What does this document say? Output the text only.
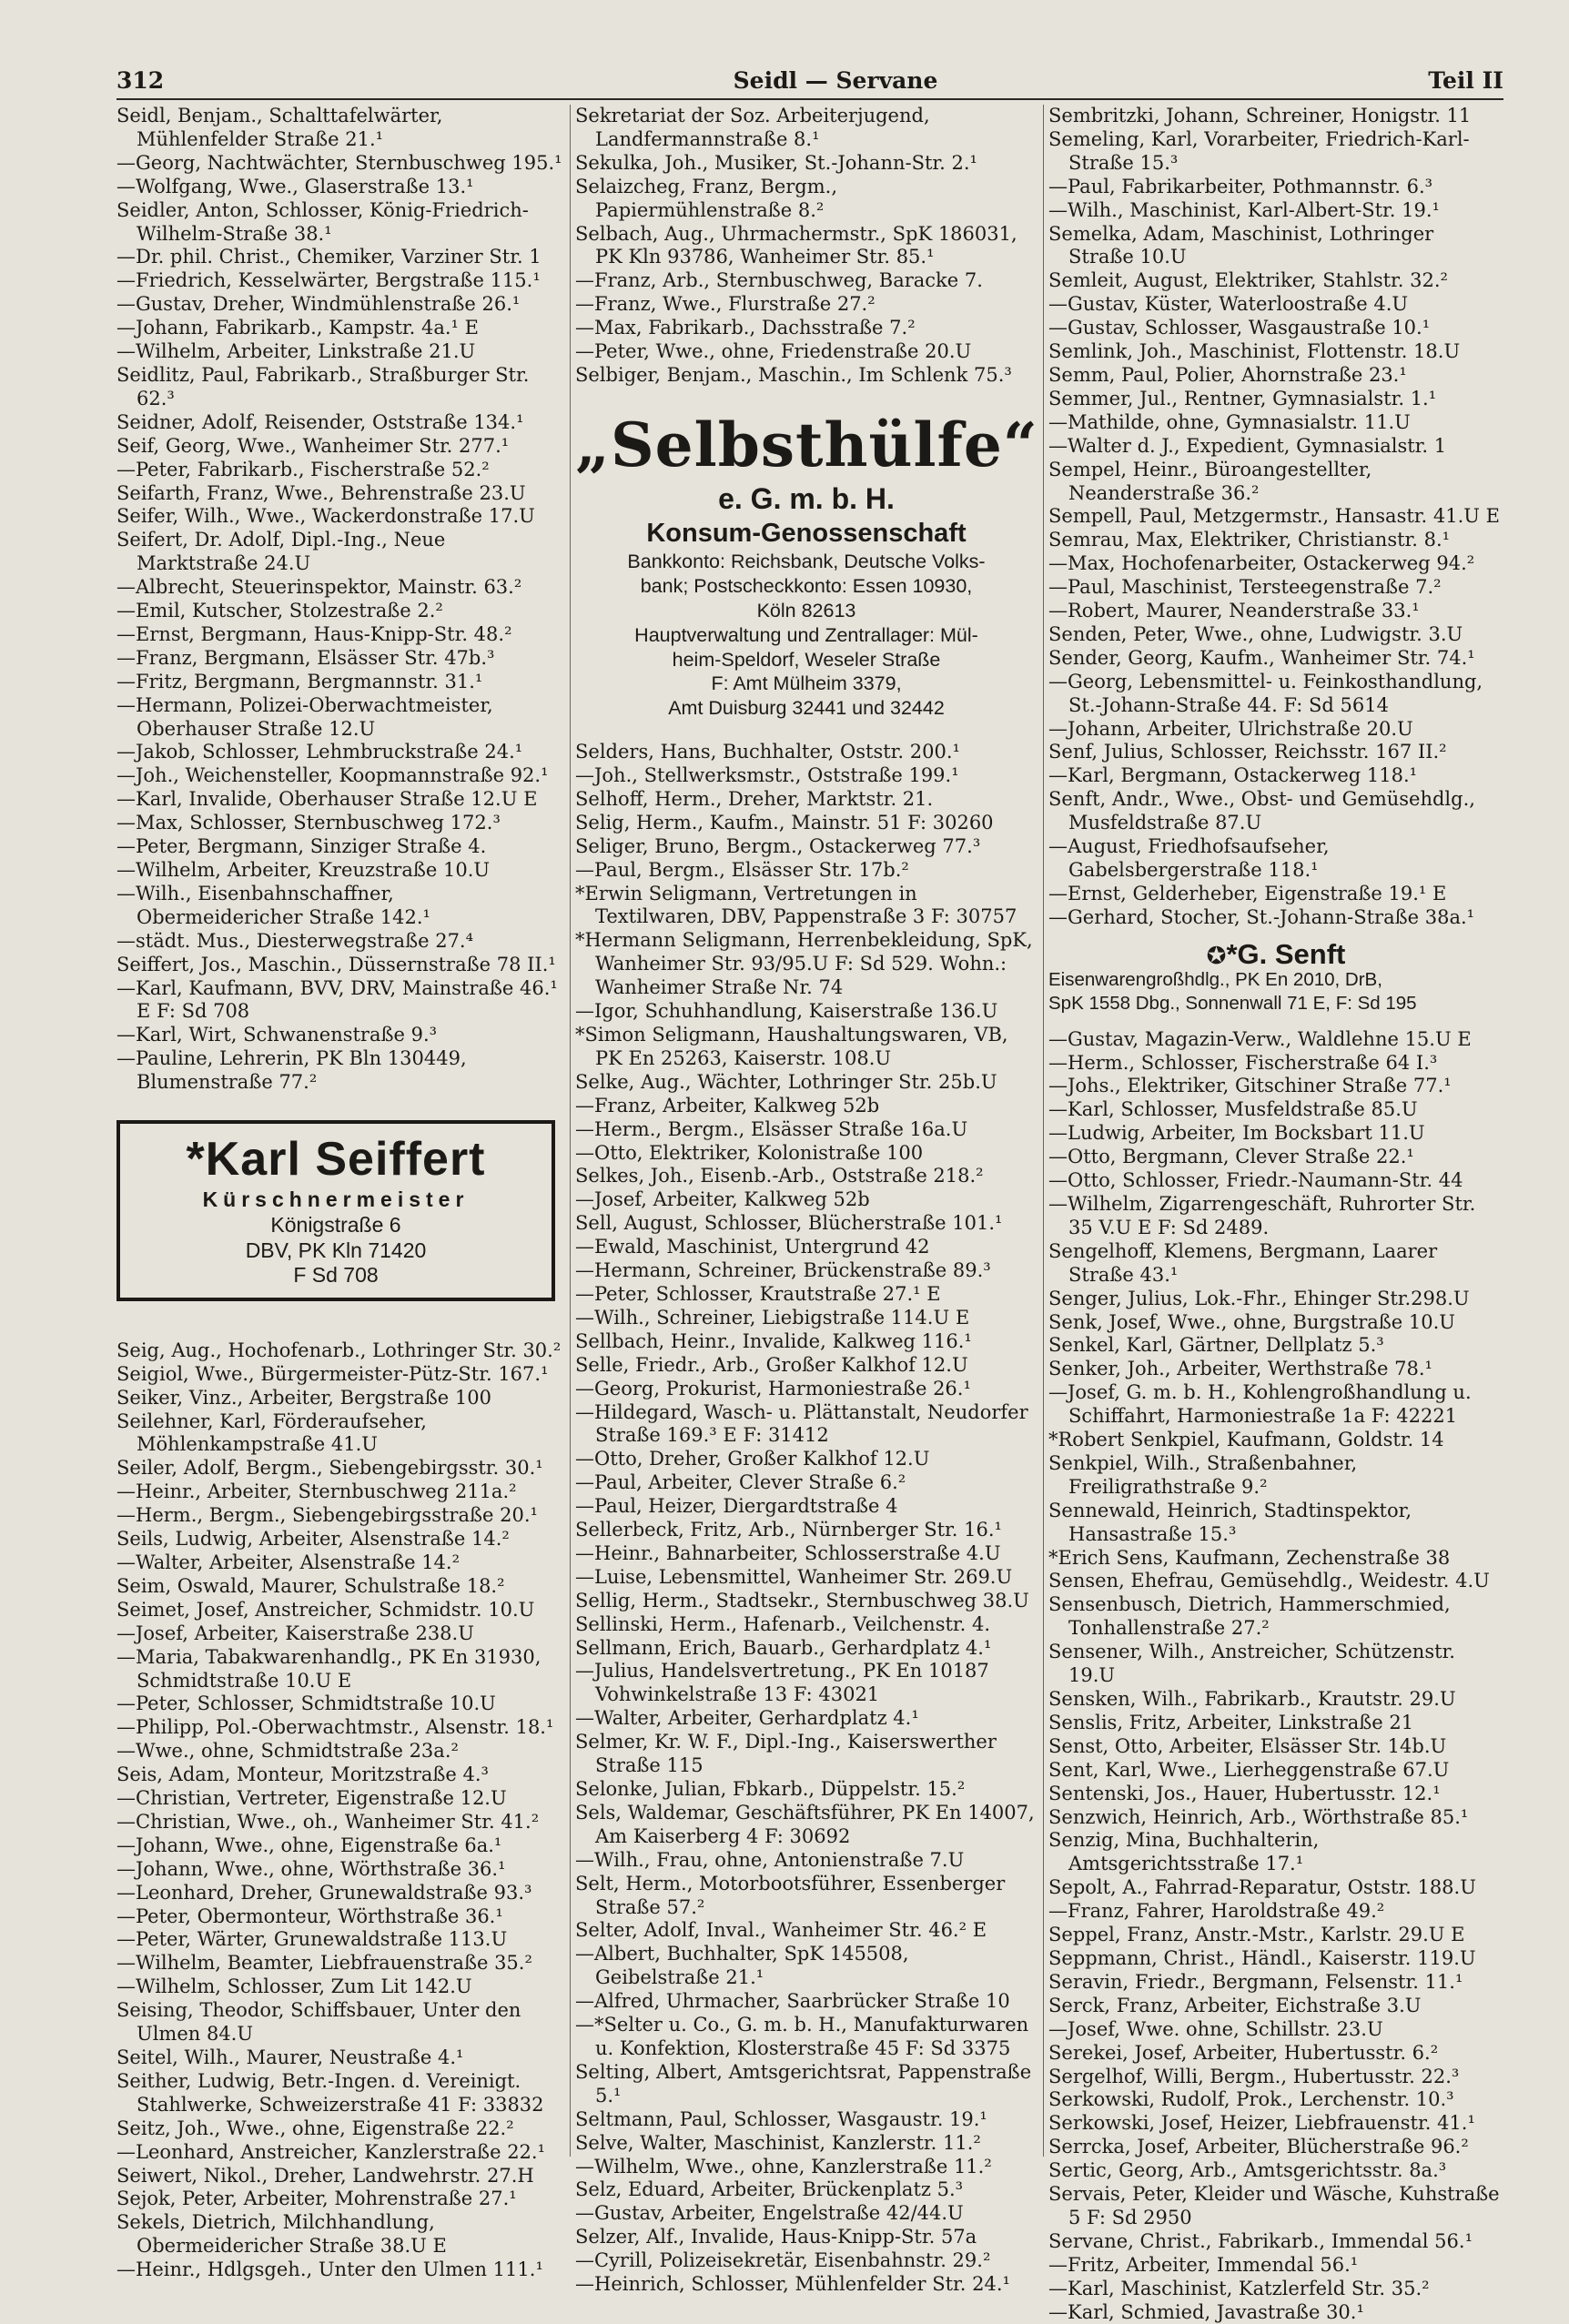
312	Seidl — Servane	Teil II

Seidl, Benjam., Schalttafelwärter, Mühlenfelder Straße 21.¹

—Georg, Nachtwächter, Sternbuschweg 195.¹

—Wolfgang, Wwe., Glaserstraße 13.¹

Seidler, Anton, Schlosser, König-Friedrich-Wilhelm-Straße 38.¹

—Dr. phil. Christ., Chemiker, Varziner Str. 1

—Friedrich, Kesselwärter, Bergstraße 115.¹

—Gustav, Dreher, Windmühlenstraße 26.¹

—Johann, Fabrikarb., Kampstr. 4a.¹ E

—Wilhelm, Arbeiter, Linkstraße 21.U

Seidlitz, Paul, Fabrikarb., Straßburger Str. 62.³

Seidner, Adolf, Reisender, Oststraße 134.¹

Seif, Georg, Wwe., Wanheimer Str. 277.¹

—Peter, Fabrikarb., Fischerstraße 52.²

Seifarth, Franz, Wwe., Behrenstraße 23.U

Seifer, Wilh., Wwe., Wackerdonstraße 17.U

Seifert, Dr. Adolf, Dipl.-Ing., Neue Marktstraße 24.U

—Albrecht, Steuerinspektor, Mainstr. 63.²

—Emil, Kutscher, Stolzestraße 2.²

—Ernst, Bergmann, Haus-Knipp-Str. 48.²

—Franz, Bergmann, Elsässer Str. 47b.³

—Fritz, Bergmann, Bergmannstr. 31.¹

—Hermann, Polizei-Oberwachtmeister, Oberhauser Straße 12.U

—Jakob, Schlosser, Lehmbruckstraße 24.¹

—Joh., Weichensteller, Koopmannstraße 92.¹

—Karl, Invalide, Oberhauser Straße 12.U E

—Max, Schlosser, Sternbuschweg 172.³

—Peter, Bergmann, Sinziger Straße 4.

—Wilhelm, Arbeiter, Kreuzstraße 10.U

—Wilh., Eisenbahnschaffner, Obermeidericher Straße 142.¹

—städt. Mus., Diesterwegstraße 27.⁴

Seiffert, Jos., Maschin., Düssernstraße 78 II.¹

—Karl, Kaufmann, BVV, DRV, Mainstraße 46.¹ E F: Sd 708

—Karl, Wirt, Schwanenstraße 9.³

—Pauline, Lehrerin, PK Bln 130449, Blumenstraße 77.²

*Karl Seiffert
Kürschnermeister
Königstraße 6
DBV, PK Kln 71420
F Sd 708

Seig, Aug., Hochofenarb., Lothringer Str. 30.²

Seigiol, Wwe., Bürgermeister-Pütz-Str. 167.¹

Seiker, Vinz., Arbeiter, Bergstraße 100

Seilehner, Karl, Förderaufseher, Möhlenkampstraße 41.U

Seiler, Adolf, Bergm., Siebengebirgsstr. 30.¹

—Heinr., Arbeiter, Sternbuschweg 211a.²

—Herm., Bergm., Siebengebirgsstraße 20.¹

Seils, Ludwig, Arbeiter, Alsenstraße 14.²

—Walter, Arbeiter, Alsenstraße 14.²

Seim, Oswald, Maurer, Schulstraße 18.²

Seimet, Josef, Anstreicher, Schmidstr. 10.U

—Josef, Arbeiter, Kaiserstraße 238.U

—Maria, Tabakwarenhandlg., PK En 31930, Schmidtstraße 10.U E

—Peter, Schlosser, Schmidtstraße 10.U

—Philipp, Pol.-Oberwachtmstr., Alsenstr. 18.¹

—Wwe., ohne, Schmidtstraße 23a.²

Seis, Adam, Monteur, Moritzstraße 4.³

—Christian, Vertreter, Eigenstraße 12.U

—Christian, Wwe., oh., Wanheimer Str. 41.²

—Johann, Wwe., ohne, Eigenstraße 6a.¹

—Johann, Wwe., ohne, Wörthstraße 36.¹

—Leonhard, Dreher, Grunewaldstraße 93.³

—Peter, Obermonteur, Wörthstraße 36.¹

—Peter, Wärter, Grunewaldstraße 113.U

—Wilhelm, Beamter, Liebfrauenstraße 35.²

—Wilhelm, Schlosser, Zum Lit 142.U

Seising, Theodor, Schiffsbauer, Unter den Ulmen 84.U

Seitel, Wilh., Maurer, Neustraße 4.¹

Seither, Ludwig, Betr.-Ingen. d. Vereinigt. Stahlwerke, Schweizerstraße 41 F: 33832

Seitz, Joh., Wwe., ohne, Eigenstraße 22.²

—Leonhard, Anstreicher, Kanzlerstraße 22.¹

Seiwert, Nikol., Dreher, Landwehrstr. 27.H

Sejok, Peter, Arbeiter, Mohrenstraße 27.¹

Sekels, Dietrich, Milchhandlung, Obermeidericher Straße 38.U E

—Heinr., Hdlgsgeh., Unter den Ulmen 111.¹

Sekretariat der Soz. Arbeiterjugend, Landfermannstraße 8.¹

Sekulka, Joh., Musiker, St.-Johann-Str. 2.¹

Selaizcheg, Franz, Bergm., Papiermühlenstraße 8.²

Selbach, Aug., Uhrmachermstr., SpK 186031, PK Kln 93786, Wanheimer Str. 85.¹

—Franz, Arb., Sternbuschweg, Baracke 7.

—Franz, Wwe., Flurstraße 27.²

—Max, Fabrikarb., Dachsstraße 7.²

—Peter, Wwe., ohne, Friedenstraße 20.U

Selbiger, Benjam., Maschin., Im Schlenk 75.³

„Selbsthülfe“
e. G. m. b. H.
Konsum-Genossenschaft
Bankkonto: Reichsbank, Deutsche Volks-
bank; Postscheckkonto: Essen 10930,
Köln 82613
Hauptverwaltung und Zentrallager: Mül-
heim-Speldorf, Weseler Straße
F: Amt Mülheim 3379,
Amt Duisburg 32441 und 32442

Selders, Hans, Buchhalter, Oststr. 200.¹

—Joh., Stellwerksmstr., Oststraße 199.¹

Selhoff, Herm., Dreher, Marktstr. 21.

Selig, Herm., Kaufm., Mainstr. 51 F: 30260

Seliger, Bruno, Bergm., Ostackerweg 77.³

—Paul, Bergm., Elsässer Str. 17b.²

*Erwin Seligmann, Vertretungen in Textilwaren, DBV, Pappenstraße 3 F: 30757

*Hermann Seligmann, Herrenbekleidung, SpK, Wanheimer Str. 93/95.U F: Sd 529. Wohn.: Wanheimer Straße Nr. 74

—Igor, Schuhhandlung, Kaiserstraße 136.U

*Simon Seligmann, Haushaltungswaren, VB, PK En 25263, Kaiserstr. 108.U

Selke, Aug., Wächter, Lothringer Str. 25b.U

—Franz, Arbeiter, Kalkweg 52b

—Herm., Bergm., Elsässer Straße 16a.U

—Otto, Elektriker, Kolonistraße 100

Selkes, Joh., Eisenb.-Arb., Oststraße 218.²

—Josef, Arbeiter, Kalkweg 52b

Sell, August, Schlosser, Blücherstraße 101.¹

—Ewald, Maschinist, Untergrund 42

—Hermann, Schreiner, Brückenstraße 89.³

—Peter, Schlosser, Krautstraße 27.¹ E

—Wilh., Schreiner, Liebigstraße 114.U E

Sellbach, Heinr., Invalide, Kalkweg 116.¹

Selle, Friedr., Arb., Großer Kalkhof 12.U

—Georg, Prokurist, Harmoniestraße 26.¹

—Hildegard, Wasch- u. Plättanstalt, Neudorfer Straße 169.³ E F: 31412

—Otto, Dreher, Großer Kalkhof 12.U

—Paul, Arbeiter, Clever Straße 6.²

—Paul, Heizer, Diergardtstraße 4

Sellerbeck, Fritz, Arb., Nürnberger Str. 16.¹

—Heinr., Bahnarbeiter, Schlosserstraße 4.U

—Luise, Lebensmittel, Wanheimer Str. 269.U

Sellig, Herm., Stadtsekr., Sternbuschweg 38.U

Sellinski, Herm., Hafenarb., Veilchenstr. 4.

Sellmann, Erich, Bauarb., Gerhardplatz 4.¹

—Julius, Handelsvertretung., PK En 10187 Vohwinkelstraße 13 F: 43021

—Walter, Arbeiter, Gerhardplatz 4.¹

Selmer, Kr. W. F., Dipl.-Ing., Kaiserswerther Straße 115

Selonke, Julian, Fbkarb., Düppelstr. 15.²

Sels, Waldemar, Geschäftsführer, PK En 14007, Am Kaiserberg 4 F: 30692

—Wilh., Frau, ohne, Antonienstraße 7.U

Selt, Herm., Motorbootsführer, Essenberger Straße 57.²

Selter, Adolf, Inval., Wanheimer Str. 46.² E

—Albert, Buchhalter, SpK 145508, Geibelstraße 21.¹

—Alfred, Uhrmacher, Saarbrücker Straße 10

—*Selter u. Co., G. m. b. H., Manufakturwaren u. Konfektion, Klosterstraße 45 F: Sd 3375

Selting, Albert, Amtsgerichtsrat, Pappenstraße 5.¹

Seltmann, Paul, Schlosser, Wasgaustr. 19.¹

Selve, Walter, Maschinist, Kanzlerstr. 11.²

—Wilhelm, Wwe., ohne, Kanzlerstraße 11.²

Selz, Eduard, Arbeiter, Brückenplatz 5.³

—Gustav, Arbeiter, Engelstraße 42/44.U

Selzer, Alf., Invalide, Haus-Knipp-Str. 57a

—Cyrill, Polizeisekretär, Eisenbahnstr. 29.²

—Heinrich, Schlosser, Mühlenfelder Str. 24.¹

Sembritzki, Johann, Schreiner, Honigstr. 11

Semeling, Karl, Vorarbeiter, Friedrich-Karl-Straße 15.³

—Paul, Fabrikarbeiter, Pothmannstr. 6.³

—Wilh., Maschinist, Karl-Albert-Str. 19.¹

Semelka, Adam, Maschinist, Lothringer Straße 10.U

Semleit, August, Elektriker, Stahlstr. 32.²

—Gustav, Küster, Waterloostraße 4.U

—Gustav, Schlosser, Wasgaustraße 10.¹

Semlink, Joh., Maschinist, Flottenstr. 18.U

Semm, Paul, Polier, Ahornstraße 23.¹

Semmer, Jul., Rentner, Gymnasialstr. 1.¹

—Mathilde, ohne, Gymnasialstr. 11.U

—Walter d. J., Expedient, Gymnasialstr. 1

Sempel, Heinr., Büroangestellter, Neanderstraße 36.²

Sempell, Paul, Metzgermstr., Hansastr. 41.U E

Semrau, Max, Elektriker, Christianstr. 8.¹

—Max, Hochofenarbeiter, Ostackerweg 94.²

—Paul, Maschinist, Tersteegenstraße 7.²

—Robert, Maurer, Neanderstraße 33.¹

Senden, Peter, Wwe., ohne, Ludwigstr. 3.U

Sender, Georg, Kaufm., Wanheimer Str. 74.¹

—Georg, Lebensmittel- u. Feinkosthandlung, St.-Johann-Straße 44. F: Sd 5614

—Johann, Arbeiter, Ulrichstraße 20.U

Senf, Julius, Schlosser, Reichsstr. 167 II.²

—Karl, Bergmann, Ostackerweg 118.¹

Senft, Andr., Wwe., Obst- und Gemüsehdlg., Musfeldstraße 87.U

—August, Friedhofsaufseher, Gabelsbergerstraße 118.¹

—Ernst, Gelderheber, Eigenstraße 19.¹ E

—Gerhard, Stocher, St.-Johann-Straße 38a.¹

✪*G. Senft
Eisenwarengroßhdlg., PK En 2010, DrB,
SpK 1558 Dbg., Sonnenwall 71 E, F: Sd 195

—Gustav, Magazin-Verw., Waldlehne 15.U E

—Herm., Schlosser, Fischerstraße 64 I.³

—Johs., Elektriker, Gitschiner Straße 77.¹

—Karl, Schlosser, Musfeldstraße 85.U

—Ludwig, Arbeiter, Im Bocksbart 11.U

—Otto, Bergmann, Clever Straße 22.¹

—Otto, Schlosser, Friedr.-Naumann-Str. 44

—Wilhelm, Zigarrengeschäft, Ruhrorter Str. 35 V.U E F: Sd 2489.

Sengelhoff, Klemens, Bergmann, Laarer Straße 43.¹

Senger, Julius, Lok.-Fhr., Ehinger Str.298.U

Senk, Josef, Wwe., ohne, Burgstraße 10.U

Senkel, Karl, Gärtner, Dellplatz 5.³

Senker, Joh., Arbeiter, Werthstraße 78.¹

—Josef, G. m. b. H., Kohlengroßhandlung u. Schiffahrt, Harmoniestraße 1a F: 42221

*Robert Senkpiel, Kaufmann, Goldstr. 14

Senkpiel, Wilh., Straßenbahner, Freiligrathstraße 9.²

Sennewald, Heinrich, Stadtinspektor, Hansastraße 15.³

*Erich Sens, Kaufmann, Zechenstraße 38

Sensen, Ehefrau, Gemüsehdlg., Weidestr. 4.U

Sensenbusch, Dietrich, Hammerschmied, Tonhallenstraße 27.²

Sensener, Wilh., Anstreicher, Schützenstr. 19.U

Sensken, Wilh., Fabrikarb., Krautstr. 29.U

Senslis, Fritz, Arbeiter, Linkstraße 21

Senst, Otto, Arbeiter, Elsässer Str. 14b.U

Sent, Karl, Wwe., Lierheggenstraße 67.U

Sentenski, Jos., Hauer, Hubertusstr. 12.¹

Senzwich, Heinrich, Arb., Wörthstraße 85.¹

Senzig, Mina, Buchhalterin, Amtsgerichtsstraße 17.¹

Sepolt, A., Fahrrad-Reparatur, Oststr. 188.U

—Franz, Fahrer, Haroldstraße 49.²

Seppel, Franz, Anstr.-Mstr., Karlstr. 29.U E

Seppmann, Christ., Händl., Kaiserstr. 119.U

Seravin, Friedr., Bergmann, Felsenstr. 11.¹

Serck, Franz, Arbeiter, Eichstraße 3.U

—Josef, Wwe. ohne, Schillstr. 23.U

Serekei, Josef, Arbeiter, Hubertusstr. 6.²

Sergelhof, Willi, Bergm., Hubertusstr. 22.³

Serkowski, Rudolf, Prok., Lerchenstr. 10.³

Serkowski, Josef, Heizer, Liebfrauenstr. 41.¹

Serrcka, Josef, Arbeiter, Blücherstraße 96.²

Sertic, Georg, Arb., Amtsgerichtsstr. 8a.³

Servais, Peter, Kleider und Wäsche, Kuhstraße 5 F: Sd 2950

Servane, Christ., Fabrikarb., Immendal 56.¹

—Fritz, Arbeiter, Immendal 56.¹

—Karl, Maschinist, Katzlerfeld Str. 35.²

—Karl, Schmied, Javastraße 30.¹
